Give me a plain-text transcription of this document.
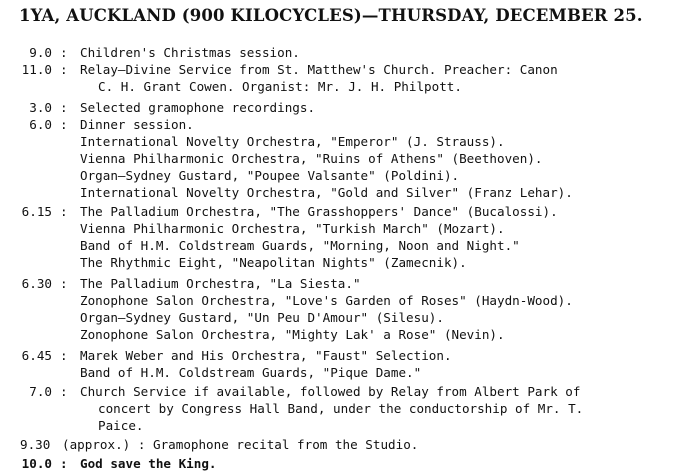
1YA, AUCKLAND (900 KILOCYCLES)—THURSDAY, DECEMBER 25.
9.0 : Children's Christmas session.
11.0 : Relay—Divine Service from St. Matthew's Church. Preacher: Canon
C. H. Grant Cowen. Organist: Mr. J. H. Philpott.
3.0 : Selected gramophone recordings.
6.0 : Dinner session.
International Novelty Orchestra, "Emperor" (J. Strauss).
Vienna Philharmonic Orchestra, "Ruins of Athens" (Beethoven).
Organ—Sydney Gustard, "Poupee Valsante" (Poldini).
International Novelty Orchestra, "Gold and Silver" (Franz Lehar).
6.15 : The Palladium Orchestra, "The Grasshoppers' Dance" (Bucalossi).
Vienna Philharmonic Orchestra, "Turkish March" (Mozart).
Band of H.M. Coldstream Guards, "Morning, Noon and Night."
The Rhythmic Eight, "Neapolitan Nights" (Zamecnik).
6.30 : The Palladium Orchestra, "La Siesta."
Zonophone Salon Orchestra, "Love's Garden of Roses" (Haydn-Wood).
Organ—Sydney Gustard, "Un Peu D'Amour" (Silesu).
Zonophone Salon Orchestra, "Mighty Lak' a Rose" (Nevin).
6.45 : Marek Weber and His Orchestra, "Faust" Selection.
Band of H.M. Coldstream Guards, "Pique Dame."
7.0 : Church Service if available, followed by Relay from Albert Park of
concert by Congress Hall Band, under the conductorship of Mr. T.
Paice.
9.30 (approx.) : Gramophone recital from the Studio.
10.0 : God save the King.
